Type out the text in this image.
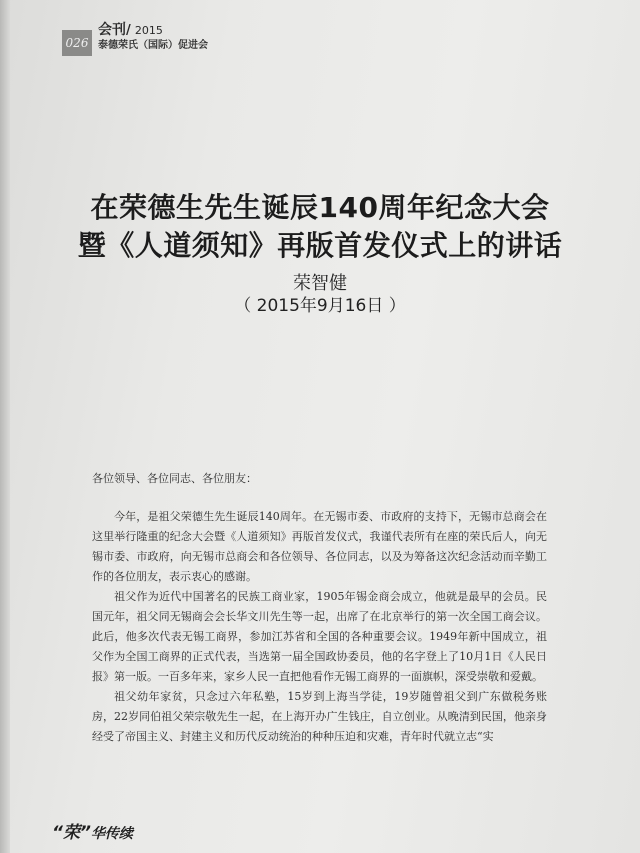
026
会刊/ 2015
泰德荣氏（国际）促进会
在荣德生先生诞辰140周年纪念大会
暨《人道须知》再版首发仪式上的讲话
荣智健
（ 2015年9月16日 ）

各位领导、各位同志、各位朋友：

今年，是祖父荣德生先生诞辰140周年。在无锡市委、市政府的支持下，无锡市总商会在这里举行隆重的纪念大会暨《人道须知》再版首发仪式，我谨代表所有在座的荣氏后人，向无锡市委、市政府，向无锡市总商会和各位领导、各位同志，以及为筹备这次纪念活动而辛勤工作的各位朋友，表示衷心的感谢。

祖父作为近代中国著名的民族工商业家，1905年锡金商会成立，他就是最早的会员。民国元年，祖父同无锡商会会长华文川先生等一起，出席了在北京举行的第一次全国工商会议。此后，他多次代表无锡工商界，参加江苏省和全国的各种重要会议。1949年新中国成立，祖父作为全国工商界的正式代表，当选第一届全国政协委员，他的名字登上了10月1日《人民日报》第一版。一百多年来，家乡人民一直把他看作无锡工商界的一面旗帜，深受崇敬和爱戴。

祖父幼年家贫，只念过六年私塾，15岁到上海当学徒，19岁随曾祖父到广东做税务账房，22岁同伯祖父荣宗敬先生一起，在上海开办广生钱庄，自立创业。从晚清到民国，他亲身经受了帝国主义、封建主义和历代反动统治的种种压迫和灾难，青年时代就立志“实

“荣”华传续
